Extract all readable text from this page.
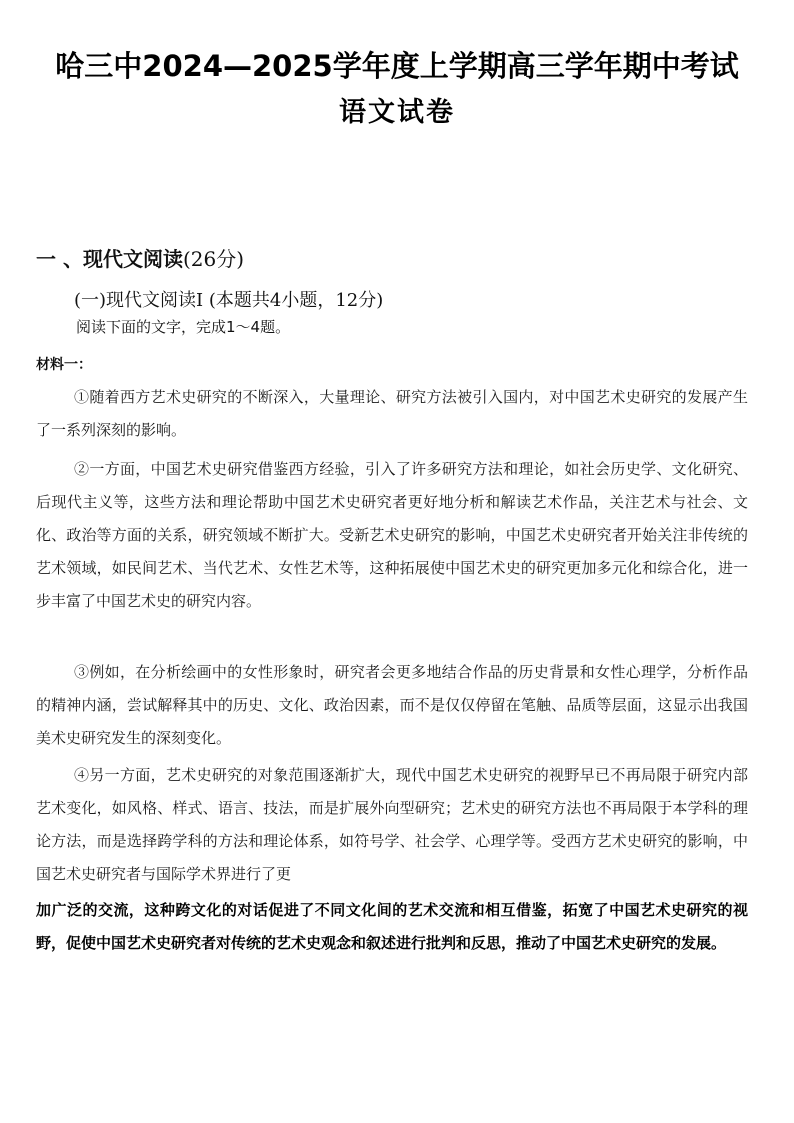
哈三中2024—2025学年度上学期高三学年期中考试
语文试卷
一 、现代文阅读(26分)
(一)现代文阅读I (本题共4小题，12分)
阅读下面的文字，完成1～4题。
材料一：

①随着西方艺术史研究的不断深入，大量理论、研究方法被引入国内，对中国艺术史研究的发展产生了一系列深刻的影响。

②一方面，中国艺术史研究借鉴西方经验，引入了许多研究方法和理论，如社会历史学、文化研究、后现代主义等，这些方法和理论帮助中国艺术史研究者更好地分析和解读艺术作品，关注艺术与社会、文化、政治等方面的关系，研究领域不断扩大。受新艺术史研究的影响，中国艺术史研究者开始关注非传统的艺术领域，如民间艺术、当代艺术、女性艺术等，这种拓展使中国艺术史的研究更加多元化和综合化，进一步丰富了中国艺术史的研究内容。

③例如，在分析绘画中的女性形象时，研究者会更多地结合作品的历史背景和女性心理学，分析作品的精神内涵，尝试解释其中的历史、文化、政治因素，而不是仅仅停留在笔触、品质等层面，这显示出我国美术史研究发生的深刻变化。

④另一方面，艺术史研究的对象范围逐渐扩大，现代中国艺术史研究的视野早已不再局限于研究内部艺术变化，如风格、样式、语言、技法，而是扩展外向型研究；艺术史的研究方法也不再局限于本学科的理论方法，而是选择跨学科的方法和理论体系，如符号学、社会学、心理学等。受西方艺术史研究的影响，中国艺术史研究者与国际学术界进行了更

加广泛的交流，这种跨文化的对话促进了不同文化间的艺术交流和相互借鉴，拓宽了中国艺术史研究的视野，促使中国艺术史研究者对传统的艺术史观念和叙述进行批判和反思，推动了中国艺术史研究的发展。
